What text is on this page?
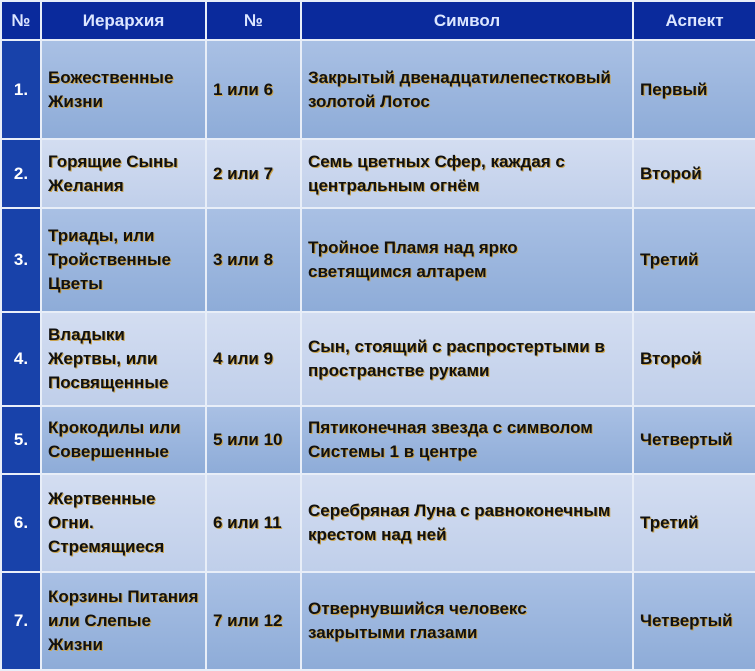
№	Иерархия	№	Символ	Аспект
1.	Божественные Жизни	1 или 6	Закрытый двенадцатилепестковый золотой Лотос	Первый
2.	Горящие Сыны Желания	2 или 7	Семь цветных Сфер, каждая с центральным огнём	Второй
3.	Триады, или Тройственные Цветы	3 или 8	Тройное Пламя над ярко светящимся алтарем	Третий
4.	Владыки Жертвы, или Посвященные	4 или 9	Сын, стоящий с распростертыми в пространстве руками	Второй
5.	Крокодилы или Совершенные	5 или 10	Пятиконечная звезда с символом Системы 1 в центре	Четвертый
6.	Жертвенные Огни. Стремящиеся	6 или 11	Серебряная Луна с равноконечным крестом над ней	Третий
7.	Корзины Питания или Слепые Жизни	7 или 12	Отвернувшийся человекс закрытыми глазами	Четвертый
